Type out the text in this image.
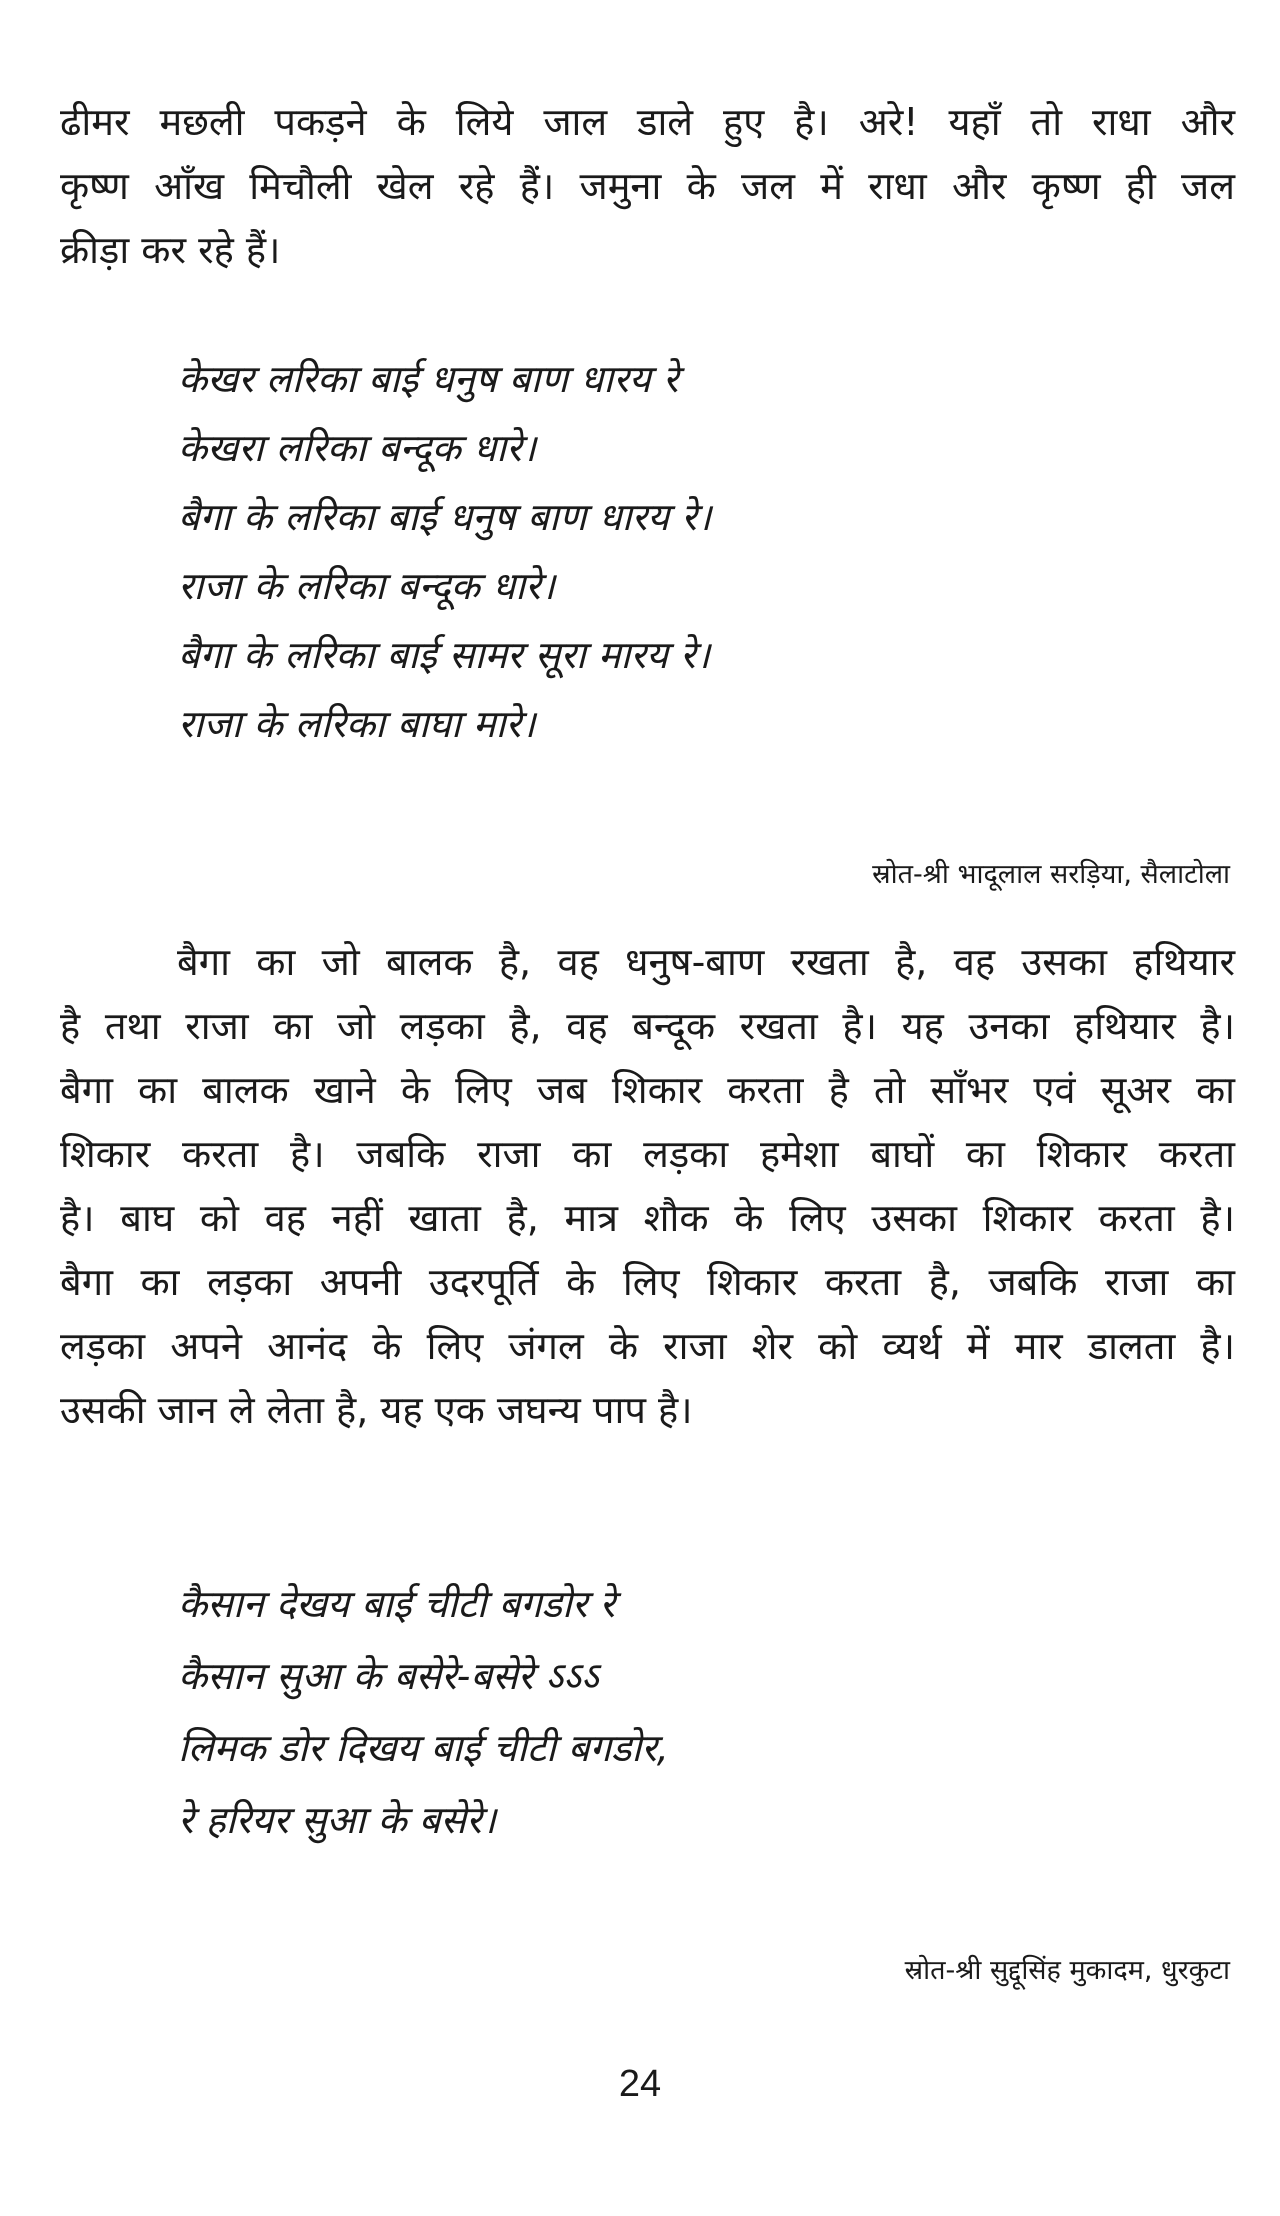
ढीमर मछली पकड़ने के लिये जाल डाले हुए है। अरे! यहाँ तो राधा और
कृष्ण आँख मिचौली खेल रहे हैं। जमुना के जल में राधा और कृष्ण ही जल
क्रीड़ा कर रहे हैं।

केखर लरिका बाई धनुष बाण धारय रे
केखरा लरिका बन्दूक धारे।
बैगा के लरिका बाई धनुष बाण धारय रे।
राजा के लरिका बन्दूक धारे।
बैगा के लरिका बाई सामर सूरा मारय रे।
राजा के लरिका बाघा मारे।

स्रोत-श्री भादूलाल सरड़िया, सैलाटोला

बैगा का जो बालक है, वह धनुष-बाण रखता है, वह उसका हथियार
है तथा राजा का जो लड़का है, वह बन्दूक रखता है। यह उनका हथियार है।
बैगा का बालक खाने के लिए जब शिकार करता है तो साँभर एवं सूअर का
शिकार करता है। जबकि राजा का लड़का हमेशा बाघों का शिकार करता
है। बाघ को वह नहीं खाता है, मात्र शौक के लिए उसका शिकार करता है।
बैगा का लड़का अपनी उदरपूर्ति के लिए शिकार करता है, जबकि राजा का
लड़का अपने आनंद के लिए जंगल के राजा शेर को व्यर्थ में मार डालता है।
उसकी जान ले लेता है, यह एक जघन्य पाप है।

कैसान देखय बाई चीटी बगडोर रे
कैसान सुआ के बसेरे-बसेरे ऽऽऽ
लिमक डोर दिखय बाई चीटी बगडोर,
रे हरियर सुआ के बसेरे।

स्रोत-श्री सुद्दूसिंह मुकादम, धुरकुटा

24
